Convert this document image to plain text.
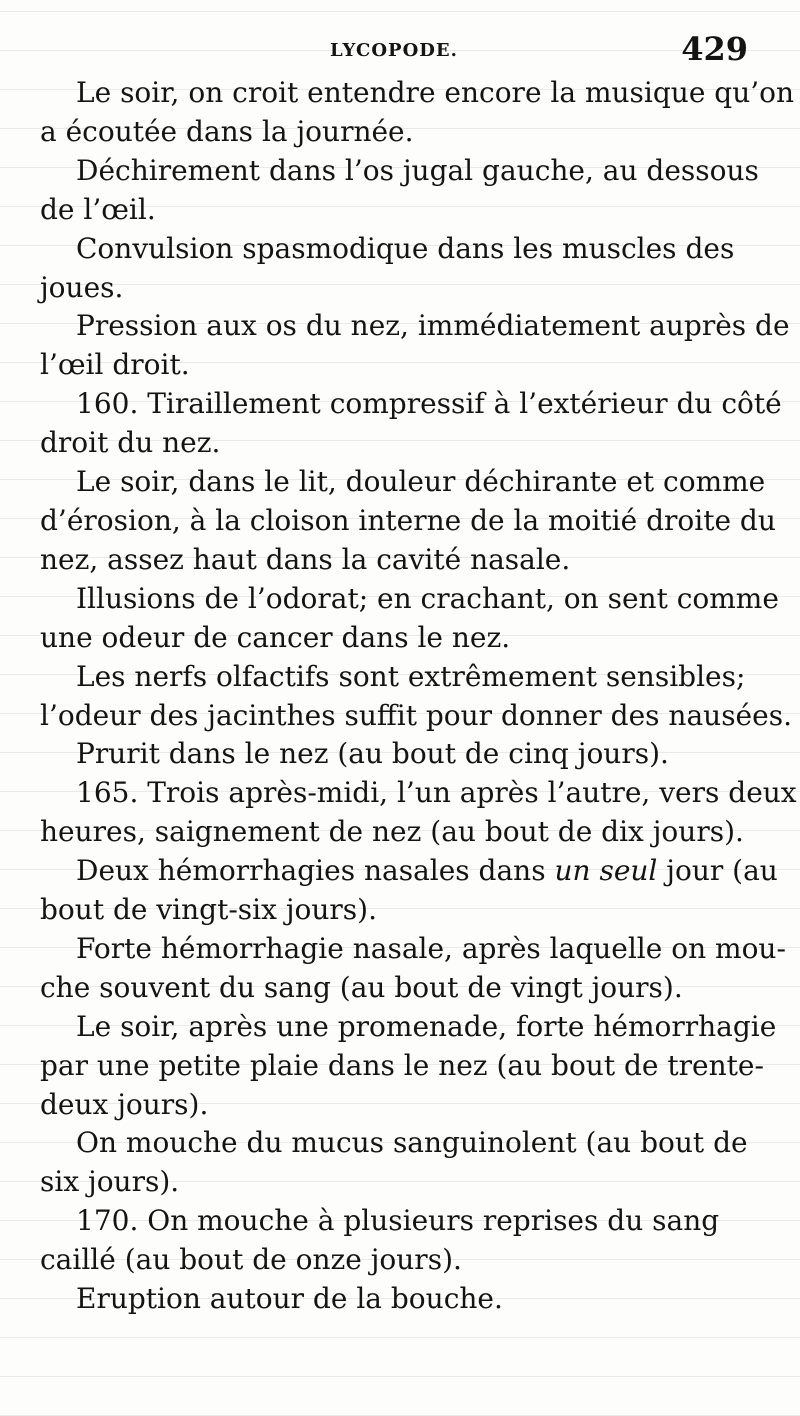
LYCOPODE.	429
Le soir, on croit entendre encore la musique qu’on
a écoutée dans la journée.
Déchirement dans l’os jugal gauche, au dessous
de l’œil.
Convulsion spasmodique dans les muscles des
joues.
Pression aux os du nez, immédiatement auprès de
l’œil droit.
160. Tiraillement compressif à l’extérieur du côté
droit du nez.
Le soir, dans le lit, douleur déchirante et comme
d’érosion, à la cloison interne de la moitié droite du
nez, assez haut dans la cavité nasale.
Illusions de l’odorat; en crachant, on sent comme
une odeur de cancer dans le nez.
Les nerfs olfactifs sont extrêmement sensibles;
l’odeur des jacinthes suffit pour donner des nausées.
Prurit dans le nez (au bout de cinq jours).
165. Trois après-midi, l’un après l’autre, vers deux
heures, saignement de nez (au bout de dix jours).
Deux hémorrhagies nasales dans un seul jour (au
bout de vingt-six jours).
Forte hémorrhagie nasale, après laquelle on mou-
che souvent du sang (au bout de vingt jours).
Le soir, après une promenade, forte hémorrhagie
par une petite plaie dans le nez (au bout de trente-
deux jours).
On mouche du mucus sanguinolent (au bout de
six jours).
170. On mouche à plusieurs reprises du sang
caillé (au bout de onze jours).
Eruption autour de la bouche.
